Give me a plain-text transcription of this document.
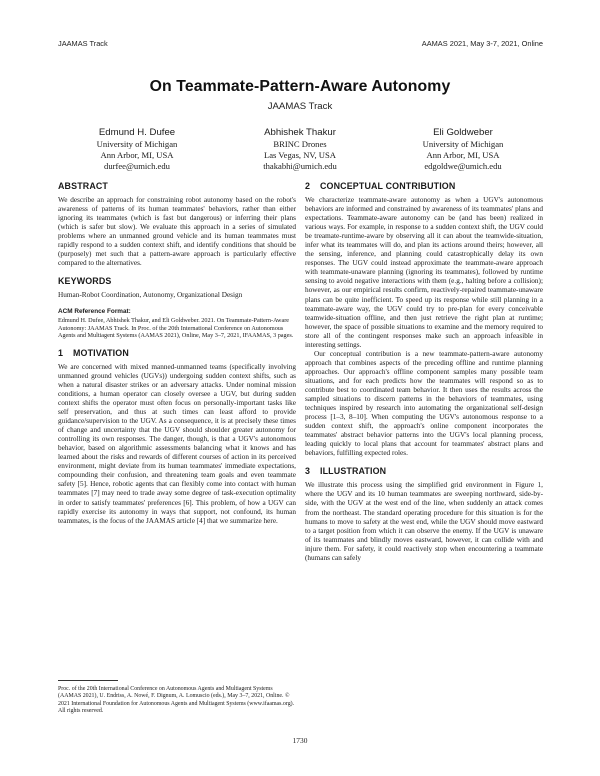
JAAMAS Track	AAMAS 2021, May 3-7, 2021, Online
On Teammate-Pattern-Aware Autonomy
JAAMAS Track
Edmund H. Dufee
University of Michigan
Ann Arbor, MI, USA
durfee@umich.edu
Abhishek Thakur
BRINC Drones
Las Vegas, NV, USA
thakabhi@umich.edu
Eli Goldweber
University of Michigan
Ann Arbor, MI, USA
edgoldwe@umich.edu
ABSTRACT

We describe an approach for constraining robot autonomy based on the robot's awareness of patterns of its human teammates' behaviors, rather than either ignoring its teammates (which is fast but dangerous) or inferring their plans (which is safer but slow). We evaluate this approach in a series of simulated problems where an unmanned ground vehicle and its human teammates must rapidly respond to a sudden context shift, and identify conditions that should be (purposely) met such that a pattern-aware approach is particularly effective compared to the alternatives.

KEYWORDS

Human-Robot Coordination, Autonomy, Organizational Design

ACM Reference Format:
Edmund H. Dufee, Abhishek Thakur, and Eli Goldweber. 2021. On Teammate-Pattern-Aware Autonomy: JAAMAS Track. In Proc. of the 20th International Conference on Autonomous Agents and Multiagent Systems (AAMAS 2021), Online, May 3–7, 2021, IFAAMAS, 3 pages.
1 MOTIVATION

We are concerned with mixed manned-unmanned teams (specifically involving unmanned ground vehicles (UGVs)) undergoing sudden context shifts, such as when a natural disaster strikes or an adversary attacks. Under nominal mission conditions, a human operator can closely oversee a UGV, but during sudden context shifts the operator must often focus on personally-important tasks like self preservation, and thus at such times can least afford to provide guidance/supervision to the UGV. As a consequence, it is at precisely these times of change and uncertainty that the UGV should shoulder greater autonomy for controlling its own responses. The danger, though, is that a UGV's autonomous behavior, based on algorithmic assessments balancing what it knows and has learned about the risks and rewards of different courses of action in its perceived environment, might deviate from its human teammates' immediate expectations, compounding their confusion, and threatening team goals and even teammate safety [5]. Hence, robotic agents that can flexibly come into contact with human teammates [7] may need to trade away some degree of task-execution optimality in order to satisfy teammates' preferences [6]. This problem, of how a UGV can rapidly exercise its autonomy in ways that support, not confound, its human teammates, is the focus of the JAAMAS article [4] that we summarize here.

Proc. of the 20th International Conference on Autonomous Agents and Multiagent Systems (AAMAS 2021), U. Endriss, A. Nowé, F. Dignum, A. Lomuscio (eds.), May 3–7, 2021, Online. © 2021 International Foundation for Autonomous Agents and Multiagent Systems (www.ifaamas.org). All rights reserved.
2 CONCEPTUAL CONTRIBUTION

We characterize teammate-aware autonomy as when a UGV's autonomous behaviors are informed and constrained by awareness of its teammates' plans and expectations. Teammate-aware autonomy can be (and has been) realized in various ways. For example, in response to a sudden context shift, the UGV could be treamate-runtime-aware by observing all it can about the teamwide-situation, infer what its teammates will do, and plan its actions around theirs; however, all the sensing, inference, and planning could catastrophically delay its own responses. The UGV could instead approximate the teammate-aware approach with teammate-unaware planning (ignoring its teammates), followed by runtime sensing to avoid negative interactions with them (e.g., halting before a collision); however, as our empirical results confirm, reactively-repaired teammate-unaware plans can be quite inefficient. To speed up its response while still planning in a teammate-aware way, the UGV could try to pre-plan for every conceivable teamwide-situation offline, and then just retrieve the right plan at runtime; however, the space of possible situations to examine and the memory required to store all of the contingent responses make such an approach infeasible in interesting settings.

Our conceptual contribution is a new teammate-pattern-aware autonomy approach that combines aspects of the preceding offline and runtime planning approaches. Our approach's offline component samples many possible team situations, and for each predicts how the teammates will respond so as to contribute best to coordinated team behavior. It then uses the results across the sampled situations to discern patterns in the behaviors of teammates, using techniques inspired by research into automating the organizational self-design process [1–3, 8–10]. When computing the UGV's autonomous response to a sudden context shift, the approach's online component incorporates the teammates' abstract behavior patterns into the UGV's local planning process, leading quickly to local plans that account for teammates' abstract plans and behaviors, fulfilling expected roles.

3 ILLUSTRATION

We illustrate this process using the simplified grid environment in Figure 1, where the UGV and its 10 human teammates are sweeping northward, side-by-side, with the UGV at the west end of the line, when suddenly an attack comes from the northeast. The standard operating procedure for this situation is for the humans to move to safety at the west end, while the UGV should move eastward to a target position from which it can observe the enemy. If the UGV is unaware of its teammates and blindly moves eastward, however, it can collide with and injure them. For safety, it could reactively stop when encountering a teammate (humans can safely

1730
